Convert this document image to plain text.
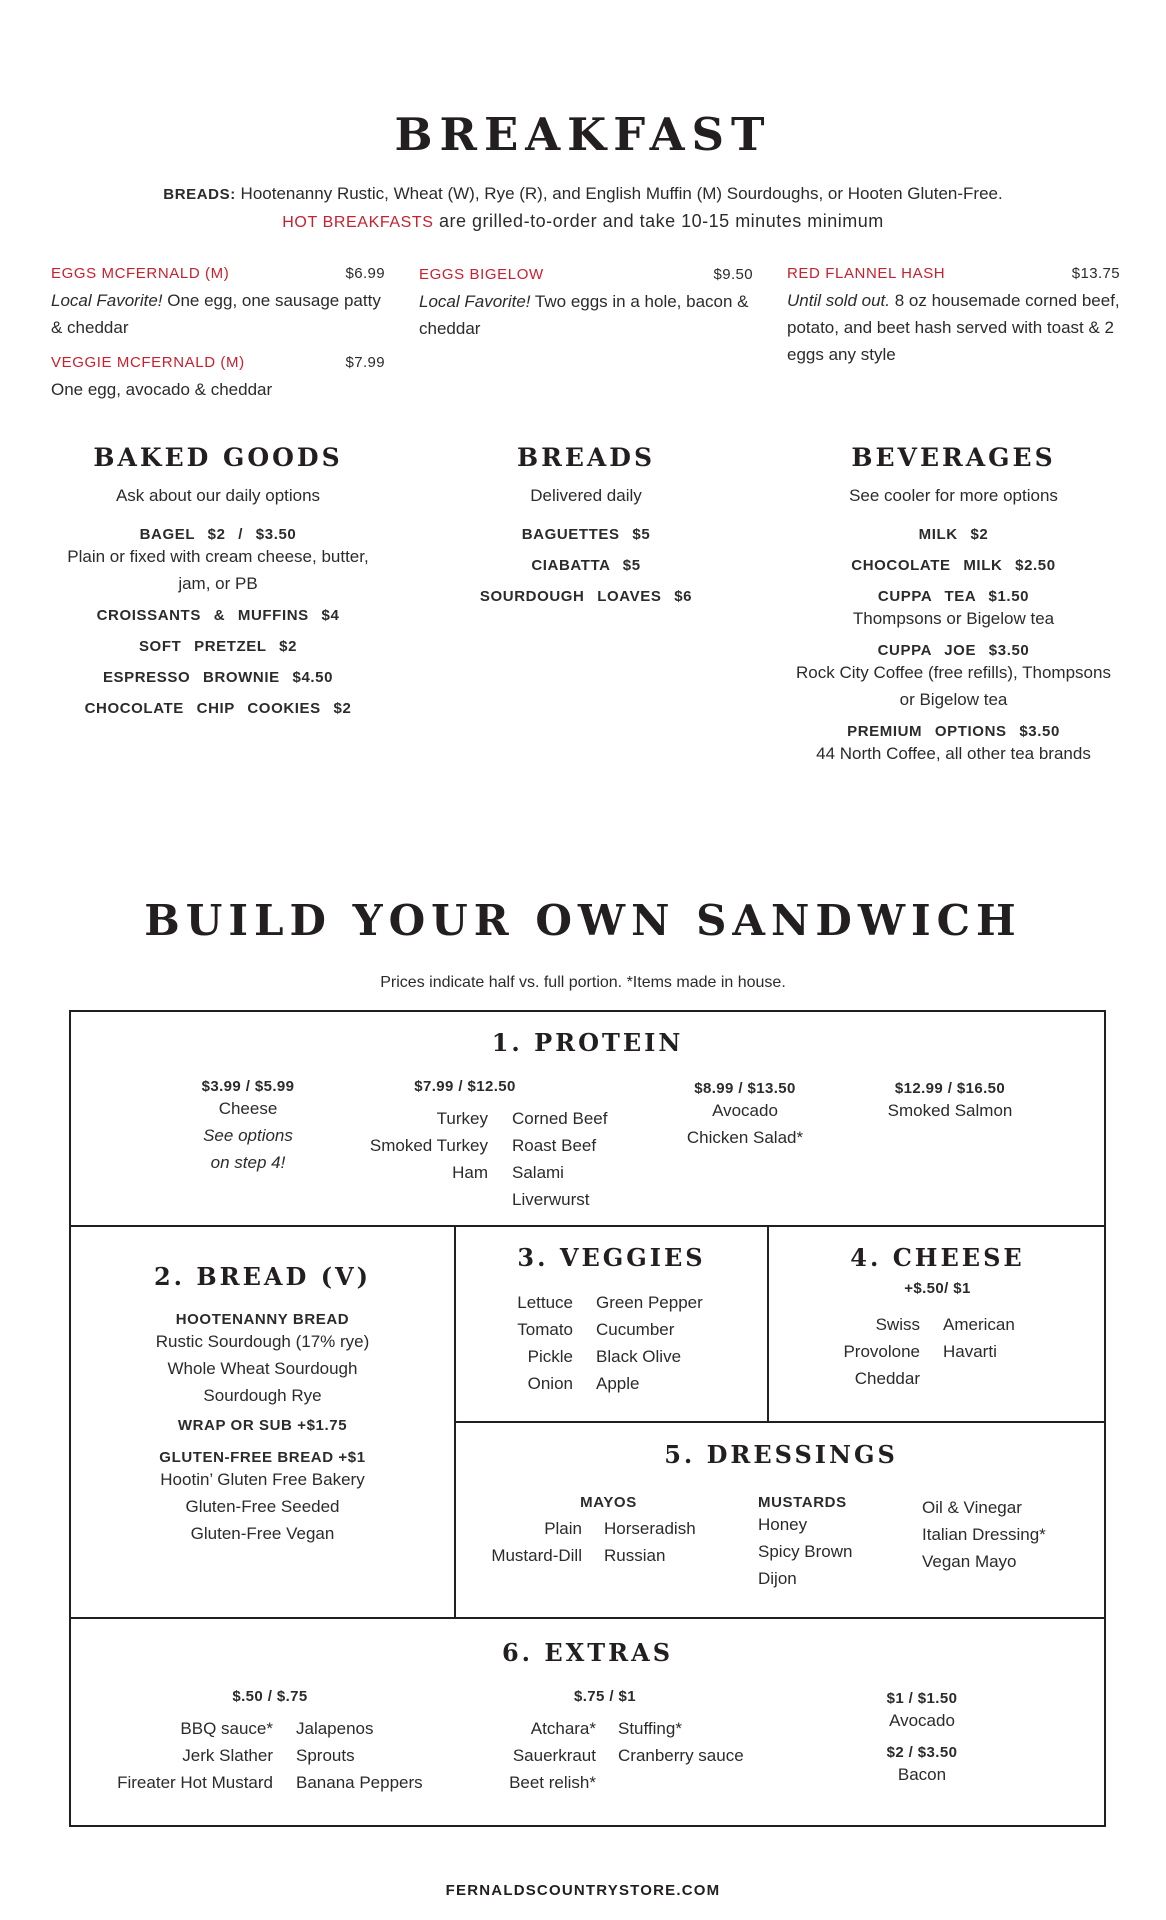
BREAKFAST
BREADS: Hootenanny Rustic, Wheat (W), Rye (R), and English Muffin (M) Sourdoughs, or Hooten Gluten-Free.
HOT BREAKFASTS are grilled-to-order and take 10-15 minutes minimum
EGGS MCFERNALD (M)	$6.99
Local Favorite! One egg, one sausage patty & cheddar
VEGGIE MCFERNALD (M)	$7.99
One egg, avocado & cheddar
EGGS BIGELOW	$9.50
Local Favorite! Two eggs in a hole, bacon & cheddar
RED FLANNEL HASH	$13.75
Until sold out. 8 oz housemade corned beef, potato, and beet hash served with toast & 2 eggs any style
BAKED GOODS
Ask about our daily options
BAGEL $2 / $3.50
Plain or fixed with cream cheese, butter, jam, or PB
CROISSANTS & MUFFINS $4
SOFT PRETZEL $2
ESPRESSO BROWNIE $4.50
CHOCOLATE CHIP COOKIES $2
BREADS
Delivered daily
BAGUETTES $5
CIABATTA $5
SOURDOUGH LOAVES $6
BEVERAGES
See cooler for more options
MILK $2
CHOCOLATE MILK $2.50
CUPPA TEA $1.50
Thompsons or Bigelow tea
CUPPA JOE $3.50
Rock City Coffee (free refills), Thompsons or Bigelow tea
PREMIUM OPTIONS $3.50
44 North Coffee, all other tea brands
BUILD YOUR OWN SANDWICH
Prices indicate half vs. full portion. *Items made in house.
1. PROTEIN
$3.99 / $5.99
Cheese
See options
on step 4!
$7.99 / $12.50
Turkey
Smoked Turkey
Ham
Corned Beef
Roast Beef
Salami
Liverwurst
$8.99 / $13.50
Avocado
Chicken Salad*
$12.99 / $16.50
Smoked Salmon
2. BREAD (V)
HOOTENANNY BREAD
Rustic Sourdough (17% rye)
Whole Wheat Sourdough
Sourdough Rye
WRAP OR SUB +$1.75
GLUTEN-FREE BREAD +$1
Hootin’ Gluten Free Bakery
Gluten-Free Seeded
Gluten-Free Vegan
3. VEGGIES
Lettuce
Tomato
Pickle
Onion
Green Pepper
Cucumber
Black Olive
Apple
4. CHEESE
+$.50/ $1
Swiss
Provolone
Cheddar
American
Havarti
5. DRESSINGS
MAYOS
Plain
Mustard-Dill
Horseradish
Russian
MUSTARDS
Honey
Spicy Brown
Dijon
Oil & Vinegar
Italian Dressing*
Vegan Mayo
6. EXTRAS
$.50 / $.75
BBQ sauce*
Jerk Slather
Fireater Hot Mustard
Jalapenos
Sprouts
Banana Peppers
$.75 / $1
Atchara*
Sauerkraut
Beet relish*
Stuffing*
Cranberry sauce
$1 / $1.50
Avocado
$2 / $3.50
Bacon
FERNALDSCOUNTRYSTORE.COM
